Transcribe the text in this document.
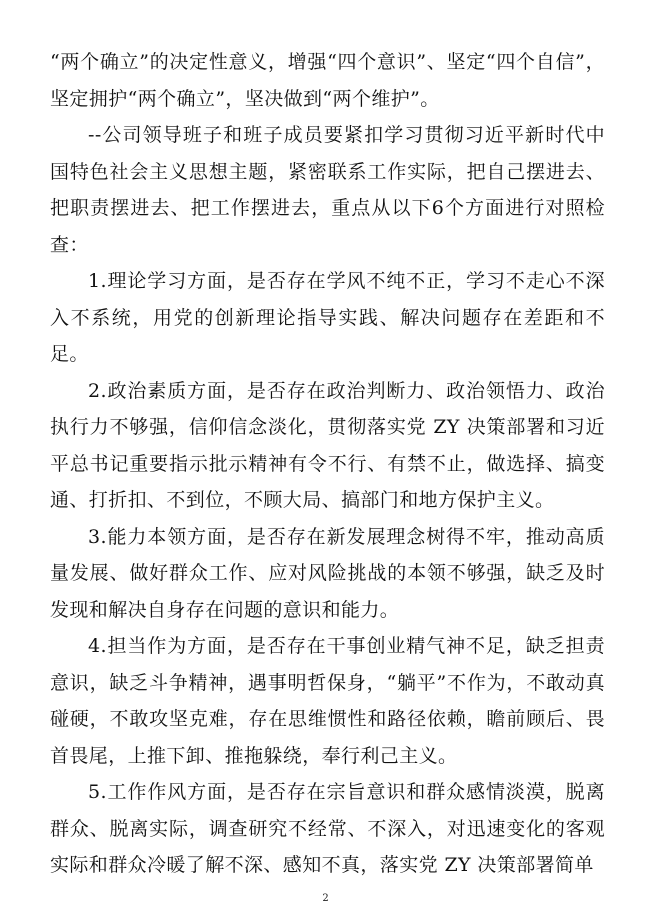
“两个确立”的决定性意义，增强“四个意识”、坚定“四个自信”，坚定拥护“两个确立”，坚决做到“两个维护”。

--公司领导班子和班子成员要紧扣学习贯彻习近平新时代中国特色社会主义思想主题，紧密联系工作实际，把自己摆进去、把职责摆进去、把工作摆进去，重点从以下6个方面进行对照检查：

1.理论学习方面，是否存在学风不纯不正，学习不走心不深入不系统，用党的创新理论指导实践、解决问题存在差距和不足。

2.政治素质方面，是否存在政治判断力、政治领悟力、政治执行力不够强，信仰信念淡化，贯彻落实党 ZY 决策部署和习近平总书记重要指示批示精神有令不行、有禁不止，做选择、搞变通、打折扣、不到位，不顾大局、搞部门和地方保护主义。

3.能力本领方面，是否存在新发展理念树得不牢，推动高质量发展、做好群众工作、应对风险挑战的本领不够强，缺乏及时发现和解决自身存在问题的意识和能力。

4.担当作为方面，是否存在干事创业精气神不足，缺乏担责意识，缺乏斗争精神，遇事明哲保身，“躺平”不作为，不敢动真碰硬，不敢攻坚克难，存在思维惯性和路径依赖，瞻前顾后、畏首畏尾，上推下卸、推拖躲绕，奉行利己主义。

5.工作作风方面，是否存在宗旨意识和群众感情淡漠，脱离群众、脱离实际，调查研究不经常、不深入，对迅速变化的客观实际和群众冷暖了解不深、感知不真，落实党 ZY 决策部署简单

2
